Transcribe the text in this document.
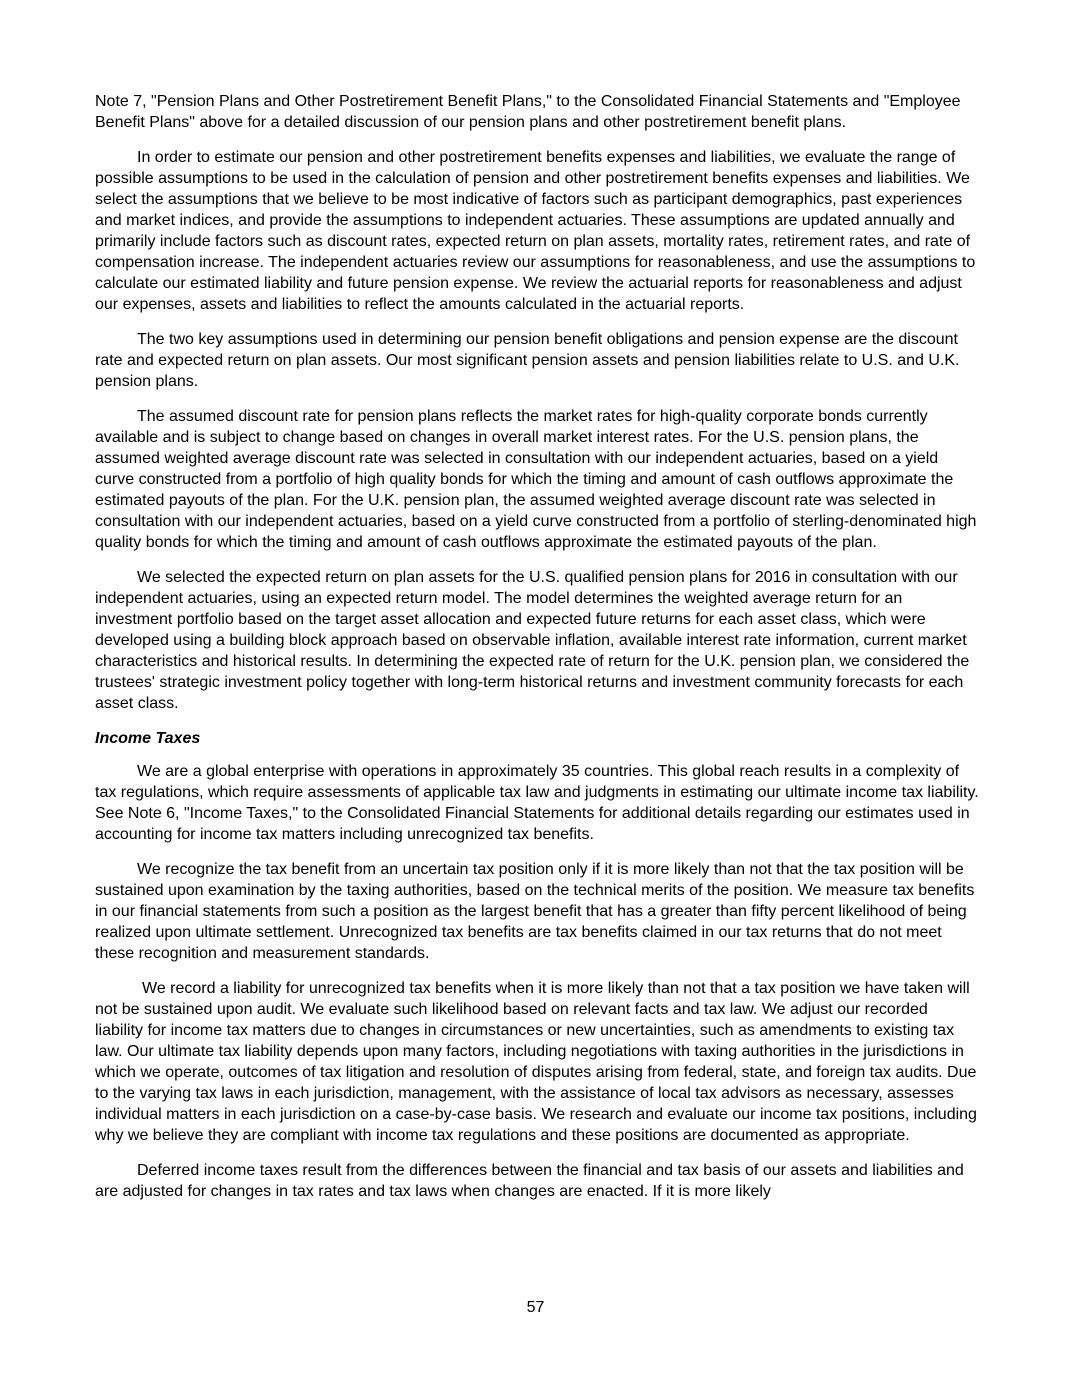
Note 7, "Pension Plans and Other Postretirement Benefit Plans," to the Consolidated Financial Statements and "Employee Benefit Plans" above for a detailed discussion of our pension plans and other postretirement benefit plans.

In order to estimate our pension and other postretirement benefits expenses and liabilities, we evaluate the range of possible assumptions to be used in the calculation of pension and other postretirement benefits expenses and liabilities. We select the assumptions that we believe to be most indicative of factors such as participant demographics, past experiences and market indices, and provide the assumptions to independent actuaries. These assumptions are updated annually and primarily include factors such as discount rates, expected return on plan assets, mortality rates, retirement rates, and rate of compensation increase. The independent actuaries review our assumptions for reasonableness, and use the assumptions to calculate our estimated liability and future pension expense. We review the actuarial reports for reasonableness and adjust our expenses, assets and liabilities to reflect the amounts calculated in the actuarial reports.

The two key assumptions used in determining our pension benefit obligations and pension expense are the discount rate and expected return on plan assets. Our most significant pension assets and pension liabilities relate to U.S. and U.K. pension plans.

The assumed discount rate for pension plans reflects the market rates for high-quality corporate bonds currently available and is subject to change based on changes in overall market interest rates. For the U.S. pension plans, the assumed weighted average discount rate was selected in consultation with our independent actuaries, based on a yield curve constructed from a portfolio of high quality bonds for which the timing and amount of cash outflows approximate the estimated payouts of the plan. For the U.K. pension plan, the assumed weighted average discount rate was selected in consultation with our independent actuaries, based on a yield curve constructed from a portfolio of sterling-denominated high quality bonds for which the timing and amount of cash outflows approximate the estimated payouts of the plan.

We selected the expected return on plan assets for the U.S. qualified pension plans for 2016 in consultation with our independent actuaries, using an expected return model. The model determines the weighted average return for an investment portfolio based on the target asset allocation and expected future returns for each asset class, which were developed using a building block approach based on observable inflation, available interest rate information, current market characteristics and historical results. In determining the expected rate of return for the U.K. pension plan, we considered the trustees' strategic investment policy together with long-term historical returns and investment community forecasts for each asset class.

Income Taxes

We are a global enterprise with operations in approximately 35 countries. This global reach results in a complexity of tax regulations, which require assessments of applicable tax law and judgments in estimating our ultimate income tax liability. See Note 6, "Income Taxes," to the Consolidated Financial Statements for additional details regarding our estimates used in accounting for income tax matters including unrecognized tax benefits.

We recognize the tax benefit from an uncertain tax position only if it is more likely than not that the tax position will be sustained upon examination by the taxing authorities, based on the technical merits of the position. We measure tax benefits in our financial statements from such a position as the largest benefit that has a greater than fifty percent likelihood of being realized upon ultimate settlement. Unrecognized tax benefits are tax benefits claimed in our tax returns that do not meet these recognition and measurement standards.

We record a liability for unrecognized tax benefits when it is more likely than not that a tax position we have taken will not be sustained upon audit. We evaluate such likelihood based on relevant facts and tax law. We adjust our recorded liability for income tax matters due to changes in circumstances or new uncertainties, such as amendments to existing tax law. Our ultimate tax liability depends upon many factors, including negotiations with taxing authorities in the jurisdictions in which we operate, outcomes of tax litigation and resolution of disputes arising from federal, state, and foreign tax audits. Due to the varying tax laws in each jurisdiction, management, with the assistance of local tax advisors as necessary, assesses individual matters in each jurisdiction on a case-by-case basis. We research and evaluate our income tax positions, including why we believe they are compliant with income tax regulations and these positions are documented as appropriate.

Deferred income taxes result from the differences between the financial and tax basis of our assets and liabilities and are adjusted for changes in tax rates and tax laws when changes are enacted. If it is more likely

57
